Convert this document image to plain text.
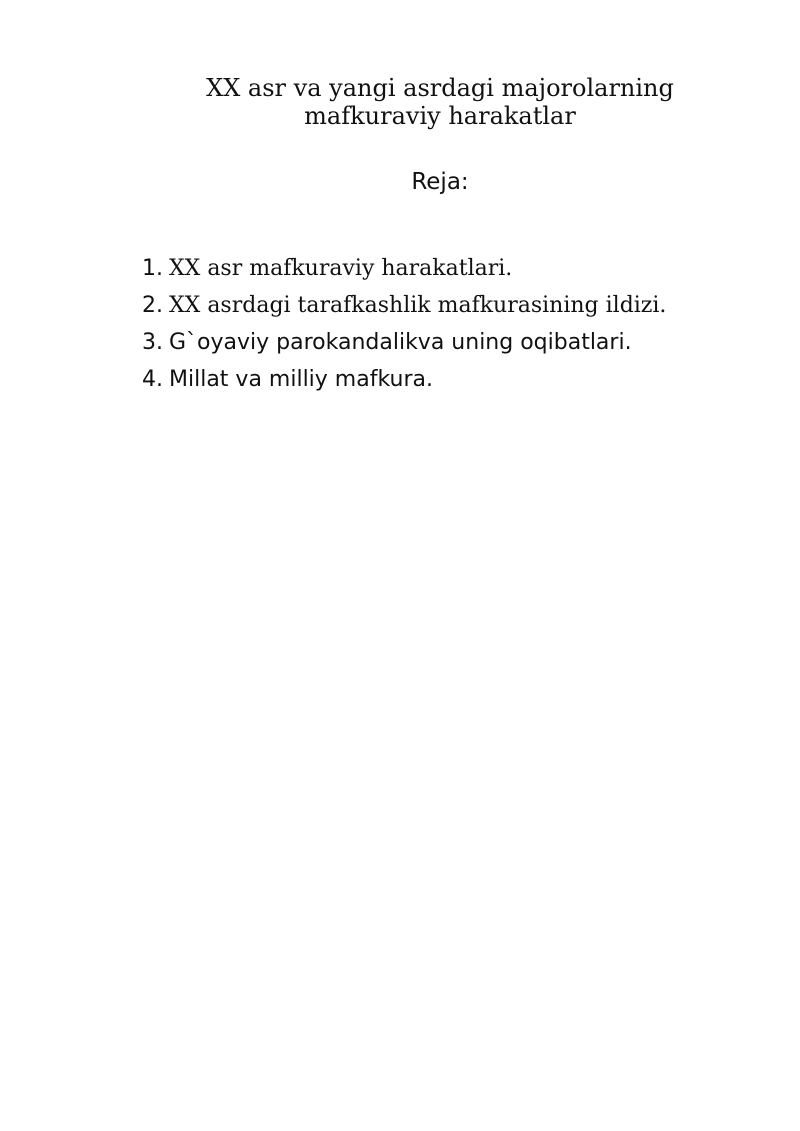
XX asr va yangi asrdagi majorolarning
mafkuraviy harakatlar
Reja:
1. XX asr mafkuraviy harakatlari.
2. XX asrdagi tarafkashlik mafkurasining ildizi.
3. G`oyaviy parokandalikva uning oqibatlari.
4. Millat va milliy mafkura.
